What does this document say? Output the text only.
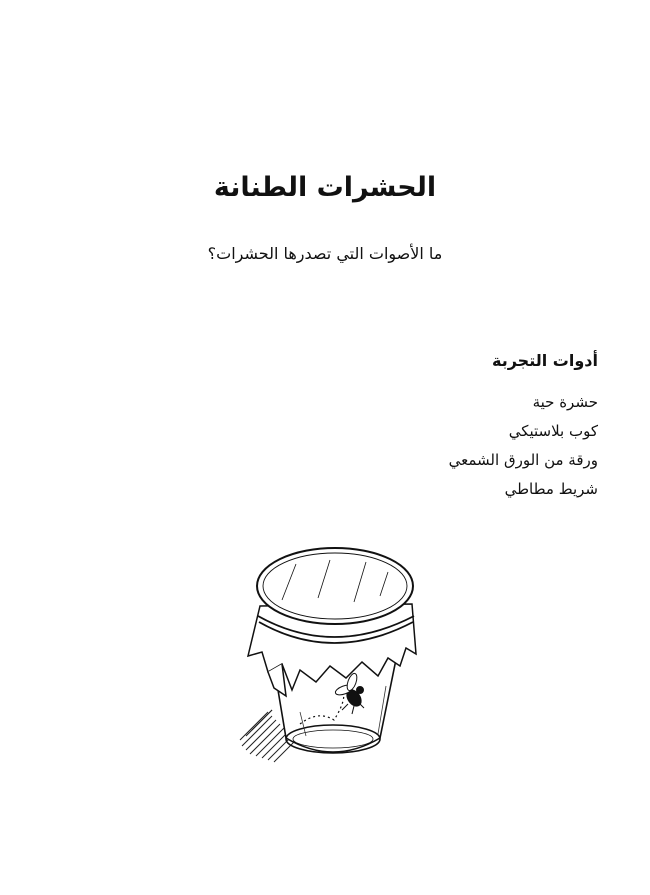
الحشرات الطنانة
ما الأصوات التي تصدرها الحشرات؟
أدوات التجربة
حشرة حية
كوب بلاستيكي
ورقة من الورق الشمعي
شريط مطاطي
